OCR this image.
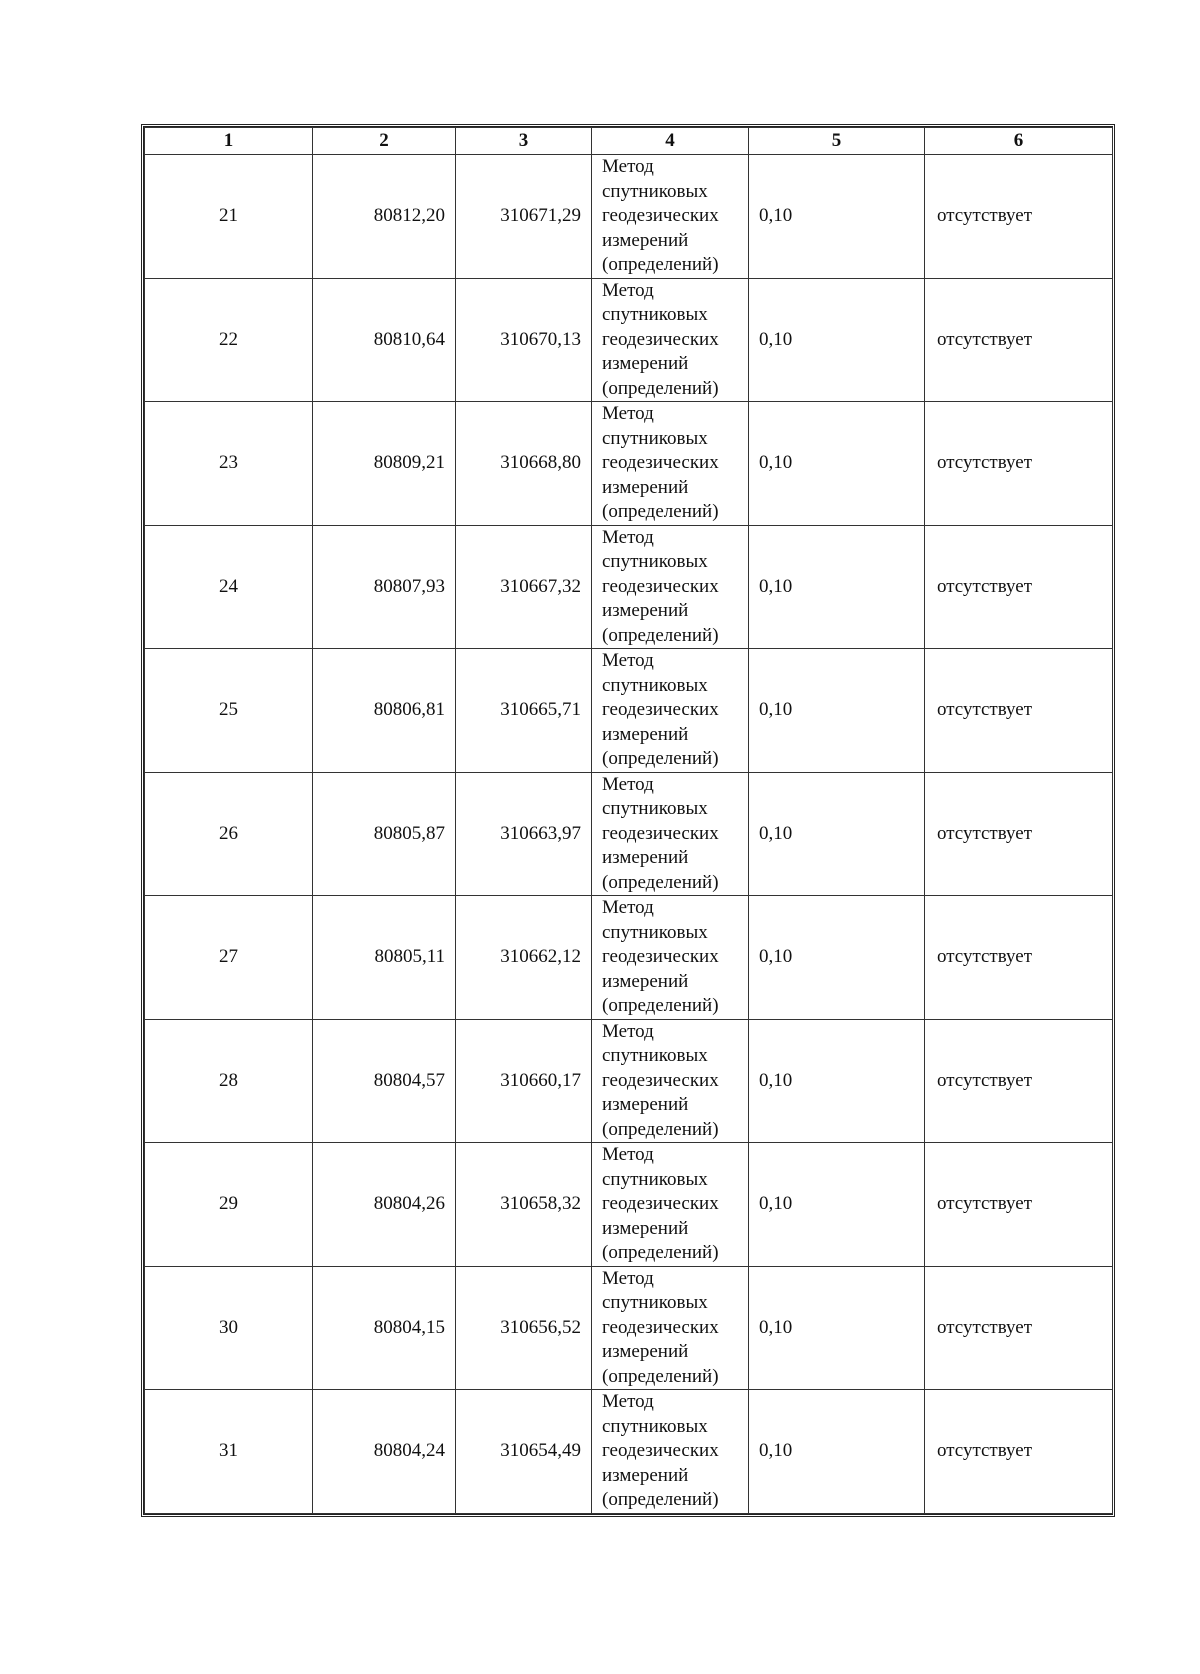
1	2	3	4	5	6
21	80812,20	310671,29	Метод
спутниковых
геодезических
измерений
(определений)	0,10	отсутствует
22	80810,64	310670,13	Метод
спутниковых
геодезических
измерений
(определений)	0,10	отсутствует
23	80809,21	310668,80	Метод
спутниковых
геодезических
измерений
(определений)	0,10	отсутствует
24	80807,93	310667,32	Метод
спутниковых
геодезических
измерений
(определений)	0,10	отсутствует
25	80806,81	310665,71	Метод
спутниковых
геодезических
измерений
(определений)	0,10	отсутствует
26	80805,87	310663,97	Метод
спутниковых
геодезических
измерений
(определений)	0,10	отсутствует
27	80805,11	310662,12	Метод
спутниковых
геодезических
измерений
(определений)	0,10	отсутствует
28	80804,57	310660,17	Метод
спутниковых
геодезических
измерений
(определений)	0,10	отсутствует
29	80804,26	310658,32	Метод
спутниковых
геодезических
измерений
(определений)	0,10	отсутствует
30	80804,15	310656,52	Метод
спутниковых
геодезических
измерений
(определений)	0,10	отсутствует
31	80804,24	310654,49	Метод
спутниковых
геодезических
измерений
(определений)	0,10	отсутствует
